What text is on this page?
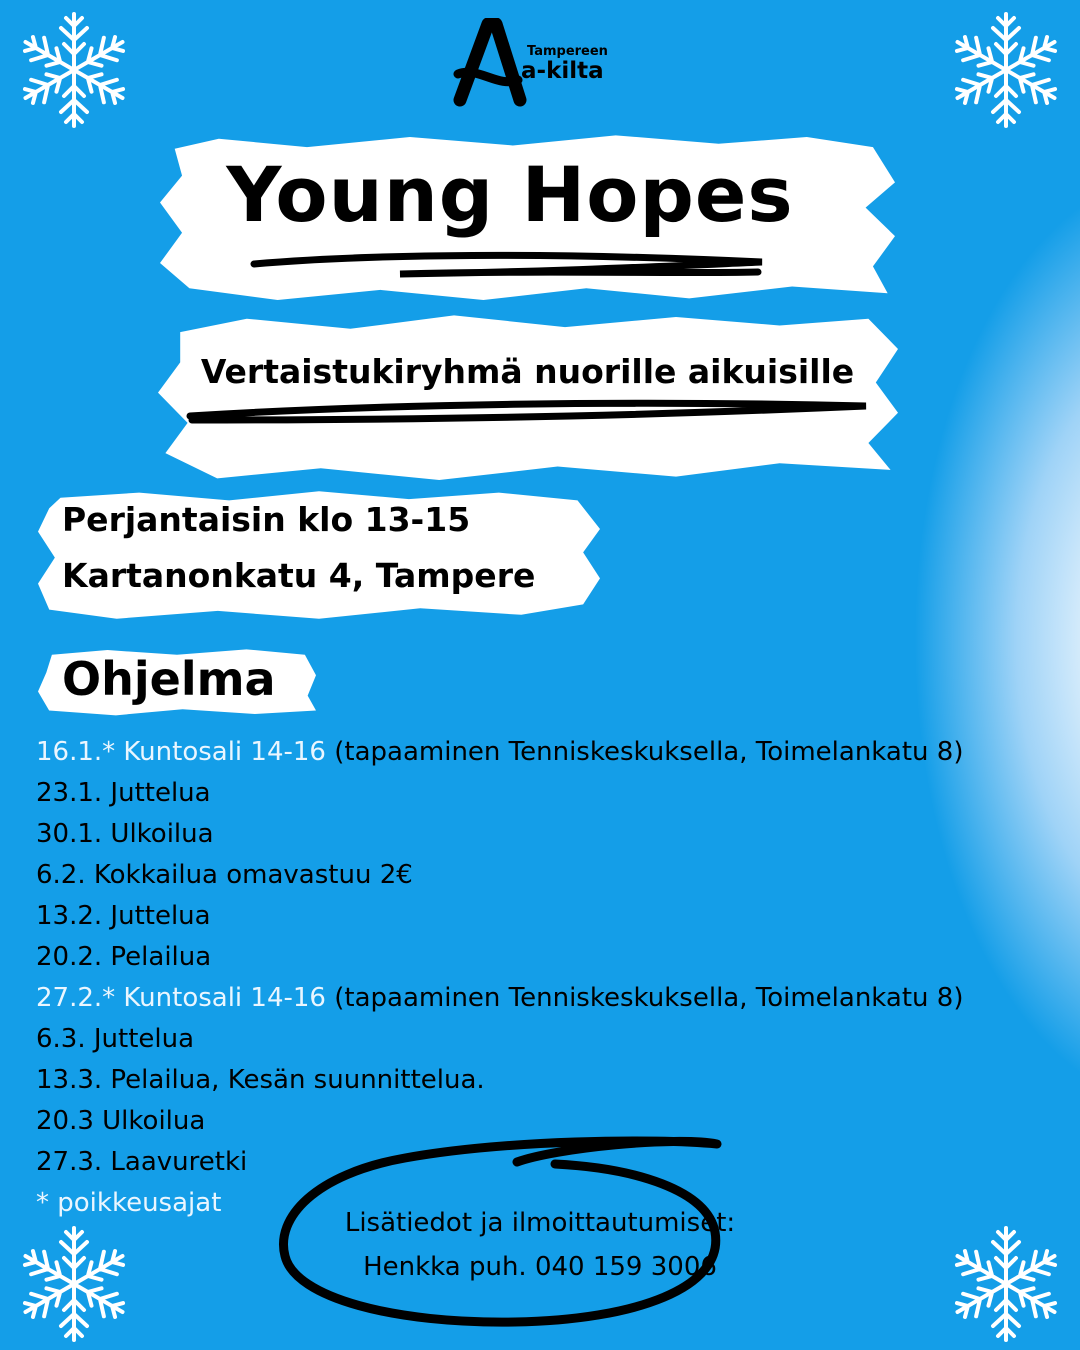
Tampereen
a-kilta
Young Hopes
Vertaistukiryhmä nuorille aikuisille
Perjantaisin klo 13-15
Kartanonkatu 4, Tampere
Ohjelma
16.1.* Kuntosali 14-16 (tapaaminen Tenniskeskuksella, Toimelankatu 8)
23.1. Juttelua
30.1. Ulkoilua
6.2. Kokkailua omavastuu 2€
13.2. Juttelua
20.2. Pelailua
27.2.* Kuntosali 14-16 (tapaaminen Tenniskeskuksella, Toimelankatu 8)
6.3. Juttelua
13.3. Pelailua, Kesän suunnittelua.
20.3 Ulkoilua
27.3. Laavuretki
* poikkeusajat
Lisätiedot ja ilmoittautumiset:
Henkka puh. 040 159 3006
